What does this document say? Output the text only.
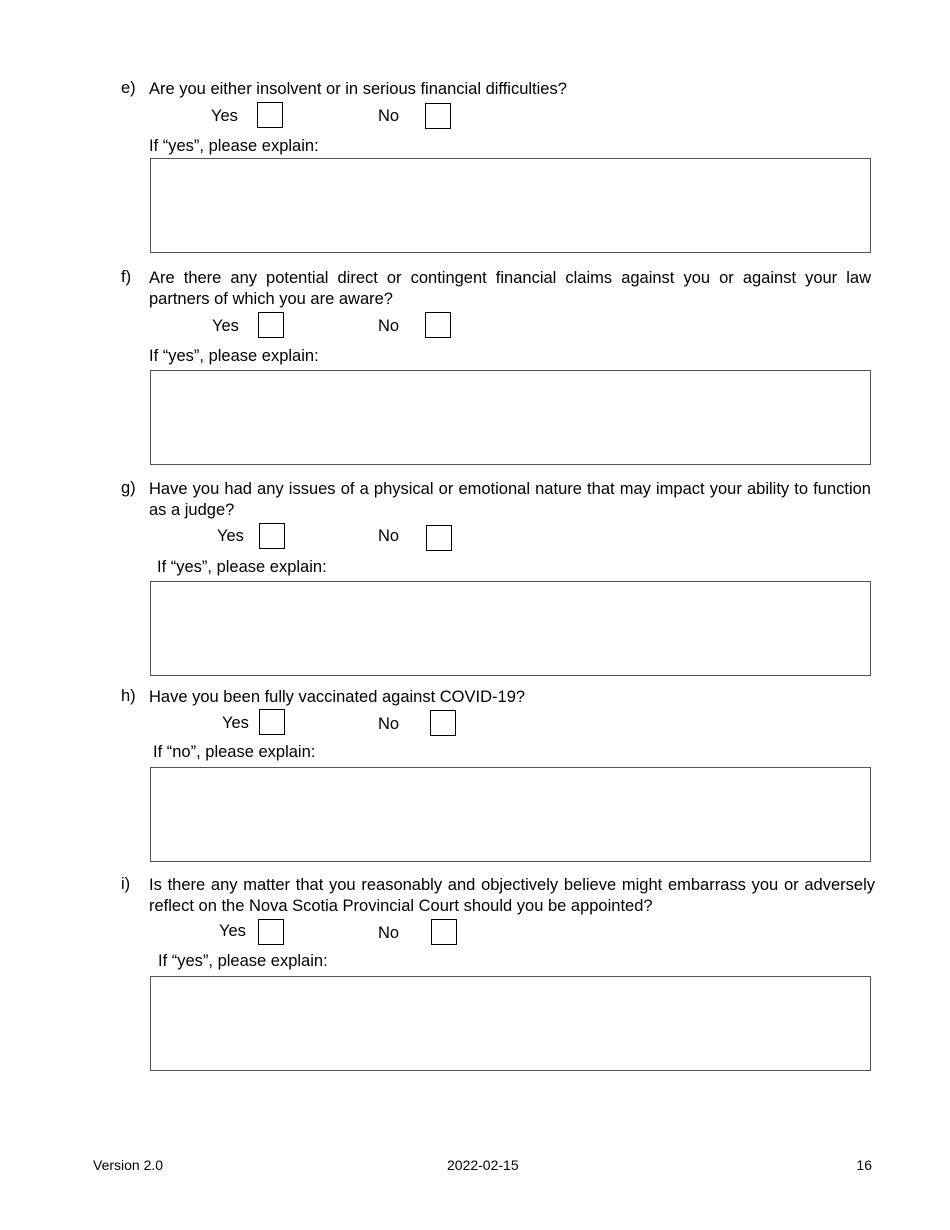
e) Are you either insolvent or in serious financial difficulties?
Yes	No
If “yes”, please explain:
f) Are there any potential direct or contingent financial claims against you or against your law partners of which you are aware?
Yes	No
If “yes”, please explain:
g) Have you had any issues of a physical or emotional nature that may impact your ability to function as a judge?
Yes	No
If “yes”, please explain:
h) Have you been fully vaccinated against COVID-19?
Yes	No
If “no”, please explain:
i) Is there any matter that you reasonably and objectively believe might embarrass you or adversely reflect on the Nova Scotia Provincial Court should you be appointed?
Yes	No
If “yes”, please explain:
Version 2.0	2022-02-15	16
